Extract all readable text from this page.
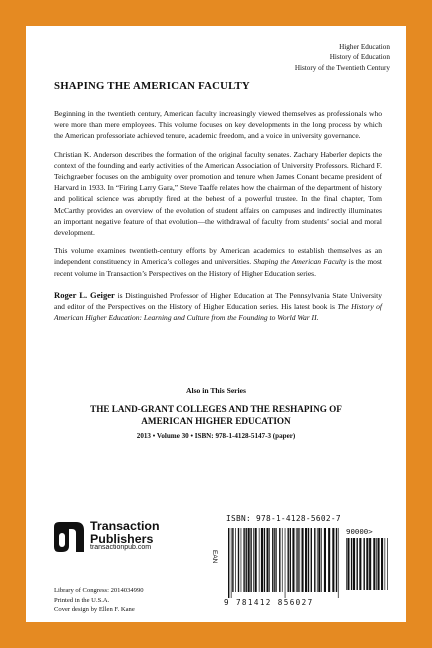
Higher Education
History of Education
History of the Twentieth Century
SHAPING THE AMERICAN FACULTY

Beginning in the twentieth century, American faculty increasingly viewed themselves as professionals who were more than mere employees. This volume focuses on key developments in the long process by which the American professoriate achieved tenure, academic freedom, and a voice in university governance.

Christian K. Anderson describes the formation of the original faculty senates. Zachary Haberler depicts the context of the founding and early activities of the American Association of University Professors. Richard F. Teichgraeber focuses on the ambiguity over promotion and tenure when James Conant became president of Harvard in 1933. In “Firing Larry Gara,” Steve Taaffe relates how the chairman of the department of history and political science was abruptly fired at the behest of a powerful trustee. In the final chapter, Tom McCarthy provides an overview of the evolution of student affairs on campuses and indirectly illuminates an important negative feature of that evolution—the withdrawal of faculty from students’ social and moral development.

This volume examines twentieth-century efforts by American academics to establish themselves as an independent constituency in America’s colleges and universities. Shaping the American Faculty is the most recent volume in Transaction’s Perspectives on the History of Higher Education series.

Roger L. Geiger is Distinguished Professor of Higher Education at The Pennsylvania State University and editor of the Perspectives on the History of Higher Education series. His latest book is The History of American Higher Education: Learning and Culture from the Founding to World War II.

Also in This Series
THE LAND-GRANT COLLEGES AND THE RESHAPING OF
AMERICAN HIGHER EDUCATION
2013 • Volume 30 • ISBN: 978-1-4128-5147-3 (paper)
Transaction
Publishers
transactionpub.com
Library of Congress: 2014034990
Printed in the U.S.A.
Cover design by Ellen F. Kane
ISBN: 978-1-4128-5602-7
EAN
90000>
9 781412 856027
